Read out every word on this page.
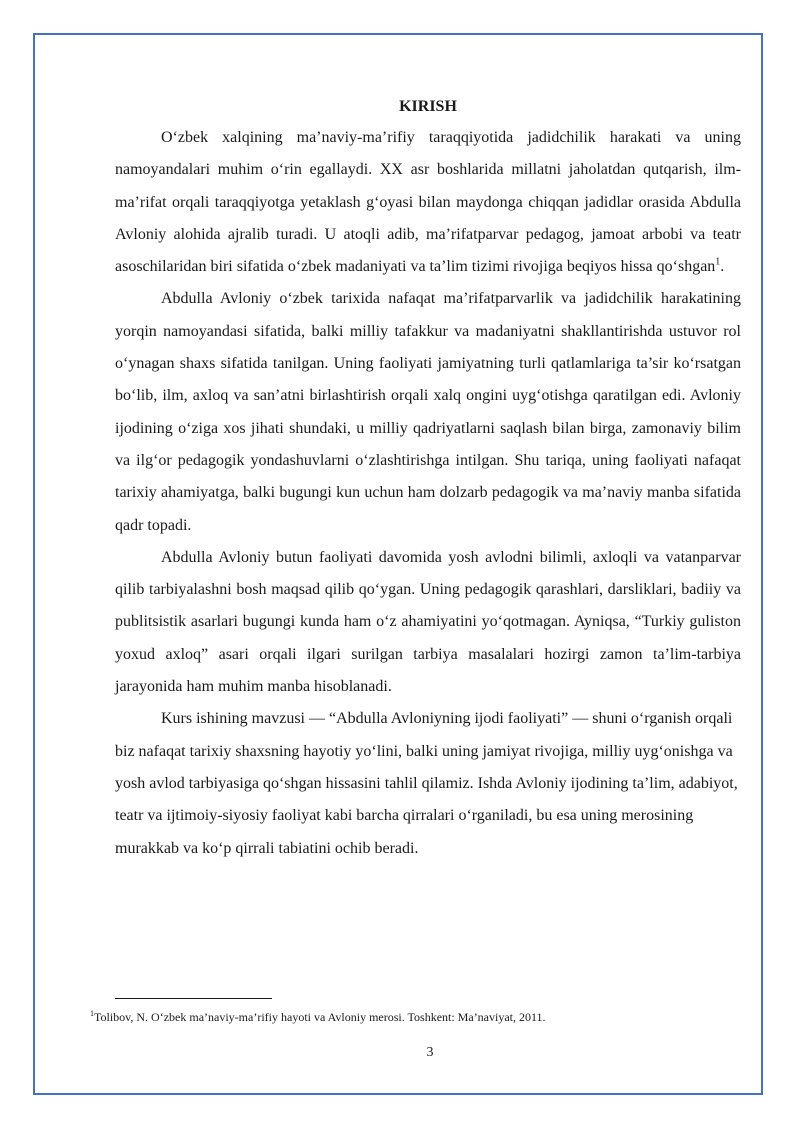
KIRISH

O‘zbek xalqining ma’naviy-ma’rifiy taraqqiyotida jadidchilik harakati va uning namoyandalari muhim o‘rin egallaydi. XX asr boshlarida millatni jaholatdan qutqarish, ilm-ma’rifat orqali taraqqiyotga yetaklash g‘oyasi bilan maydonga chiqqan jadidlar orasida Abdulla Avloniy alohida ajralib turadi. U atoqli adib, ma’rifatparvar pedagog, jamoat arbobi va teatr asoschilaridan biri sifatida o‘zbek madaniyati va ta’lim tizimi rivojiga beqiyos hissa qo‘shgan$^1$.

Abdulla Avloniy o‘zbek tarixida nafaqat ma’rifatparvarlik va jadidchilik harakatining yorqin namoyandasi sifatida, balki milliy tafakkur va madaniyatni shakllantirishda ustuvor rol o‘ynagan shaxs sifatida tanilgan. Uning faoliyati jamiyatning turli qatlamlariga ta’sir ko‘rsatgan bo‘lib, ilm, axloq va san’atni birlashtirish orqali xalq ongini uyg‘otishga qaratilgan edi. Avloniy ijodining o‘ziga xos jihati shundaki, u milliy qadriyatlarni saqlash bilan birga, zamonaviy bilim va ilg‘or pedagogik yondashuvlarni o‘zlashtirishga intilgan. Shu tariqa, uning faoliyati nafaqat tarixiy ahamiyatga, balki bugungi kun uchun ham dolzarb pedagogik va ma’naviy manba sifatida qadr topadi.

Abdulla Avloniy butun faoliyati davomida yosh avlodni bilimli, axloqli va vatanparvar qilib tarbiyalashni bosh maqsad qilib qo‘ygan. Uning pedagogik qarashlari, darsliklari, badiiy va publitsistik asarlari bugungi kunda ham o‘z ahamiyatini yo‘qotmagan. Ayniqsa, “Turkiy guliston yoxud axloq” asari orqali ilgari surilgan tarbiya masalalari hozirgi zamon ta’lim-tarbiya jarayonida ham muhim manba hisoblanadi.

Kurs ishining mavzusi — “Abdulla Avloniyning ijodi faoliyati” — shuni o‘rganish orqali biz nafaqat tarixiy shaxsning hayotiy yo‘lini, balki uning jamiyat rivojiga, milliy uyg‘onishga va yosh avlod tarbiyasiga qo‘shgan hissasini tahlil qilamiz. Ishda Avloniy ijodining ta’lim, adabiyot, teatr va ijtimoiy-siyosiy faoliyat kabi barcha qirralari o‘rganiladi, bu esa uning merosining murakkab va ko‘p qirrali tabiatini ochib beradi.

$^1$Tolibov, N. O‘zbek ma’naviy-ma’rifiy hayoti va Avloniy merosi. Toshkent: Ma’naviyat, 2011.
3
